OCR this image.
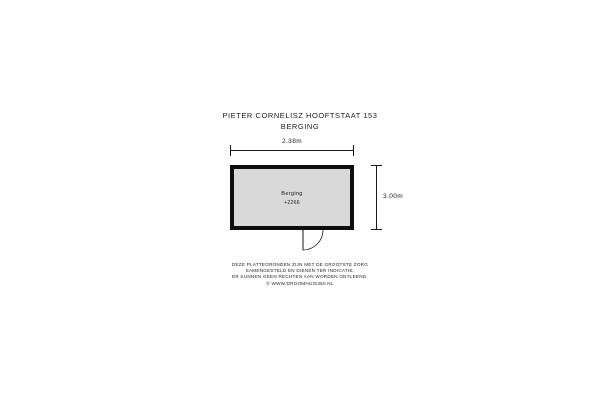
PIETER CORNELISZ HOOFTSTAAT 153
BERGING
2.38m
Berging
+2266
3.00m
DEZE PLATTEGRONDEN ZIJN MET DE GROOTSTE ZORG
SAMENGESTELD EN DIENEN TER INDICATIE.
ER KUNNEN GEEN RECHTEN AAN WORDEN ONTLEEND.
© WWW.DROOMHUIS360.NL
